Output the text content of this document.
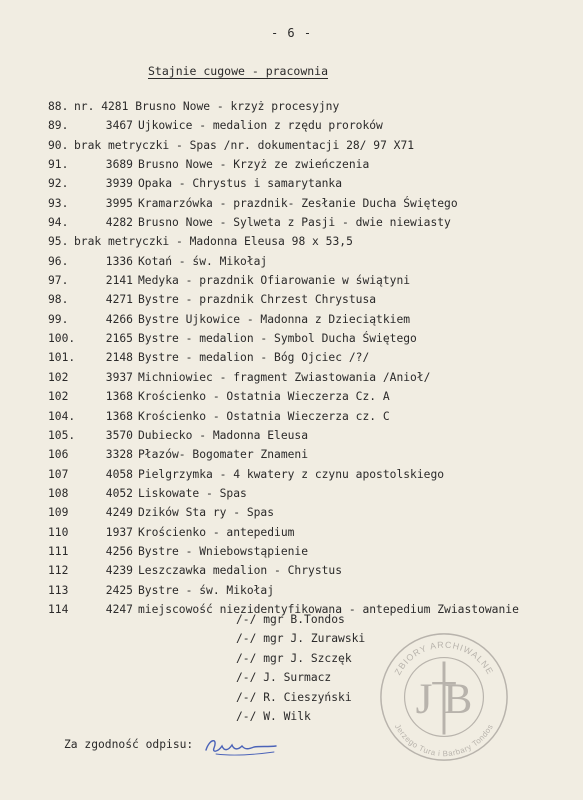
- 6 -
Stajnie cugowe - pracownia
88. nr. 4281 Brusno Nowe - krzyż procesyjny
89.	3467 Ujkowice - medalion z rzędu proroków
90. brak metryczki - Spas /nr. dokumentacji 28/ 97 X71
91.	3689 Brusno Nowe - Krzyż ze zwieńczenia
92.	3939 Opaka - Chrystus i samarytanka
93.	3995 Kramarzówka - prazdnik- Zesłanie Ducha Świętego
94.	4282 Brusno Nowe - Sylweta z Pasji - dwie niewiasty
95. brak metryczki - Madonna Eleusa 98 x 53,5
96.	1336 Kotań - św. Mikołaj
97.	2141 Medyka - prazdnik Ofiarowanie w świątyni
98.	4271 Bystre - prazdnik Chrzest Chrystusa
99.	4266 Bystre Ujkowice - Madonna z Dzieciątkiem
100.	2165 Bystre - medalion - Symbol Ducha Świętego
101.	2148 Bystre - medalion - Bóg Ojciec /?/
102	3937 Michniowiec - fragment Zwiastowania /Anioł/
102	1368 Krościenko - Ostatnia Wieczerza Cz. A
104.	1368 Krościenko - Ostatnia Wieczerza cz. C
105.	3570 Dubiecko - Madonna Eleusa
106	3328 Płazów- Bogomater Znameni
107	4058 Pielgrzymka - 4 kwatery z czynu apostolskiego
108	4052 Liskowate - Spas
109	4249 Dzików Sta ry - Spas
110	1937 Krościenko - antepedium
111	4256 Bystre - Wniebowstąpienie
112	4239 Leszczawka medalion - Chrystus
113	2425 Bystre - św. Mikołaj
114	4247 miejscowość niezidentyfikowana - antepedium Zwiastowanie
/-/ mgr B.Tondos
/-/ mgr J. Zurawski
/-/ mgr J. Szczęk
/-/ J. Surmacz
/-/ R. Cieszyński
/-/ W. Wilk
Za zgodność odpisu:
ZBIORY ARCHIWALNE
Jerzego Tura i Barbary Tondos
J B
